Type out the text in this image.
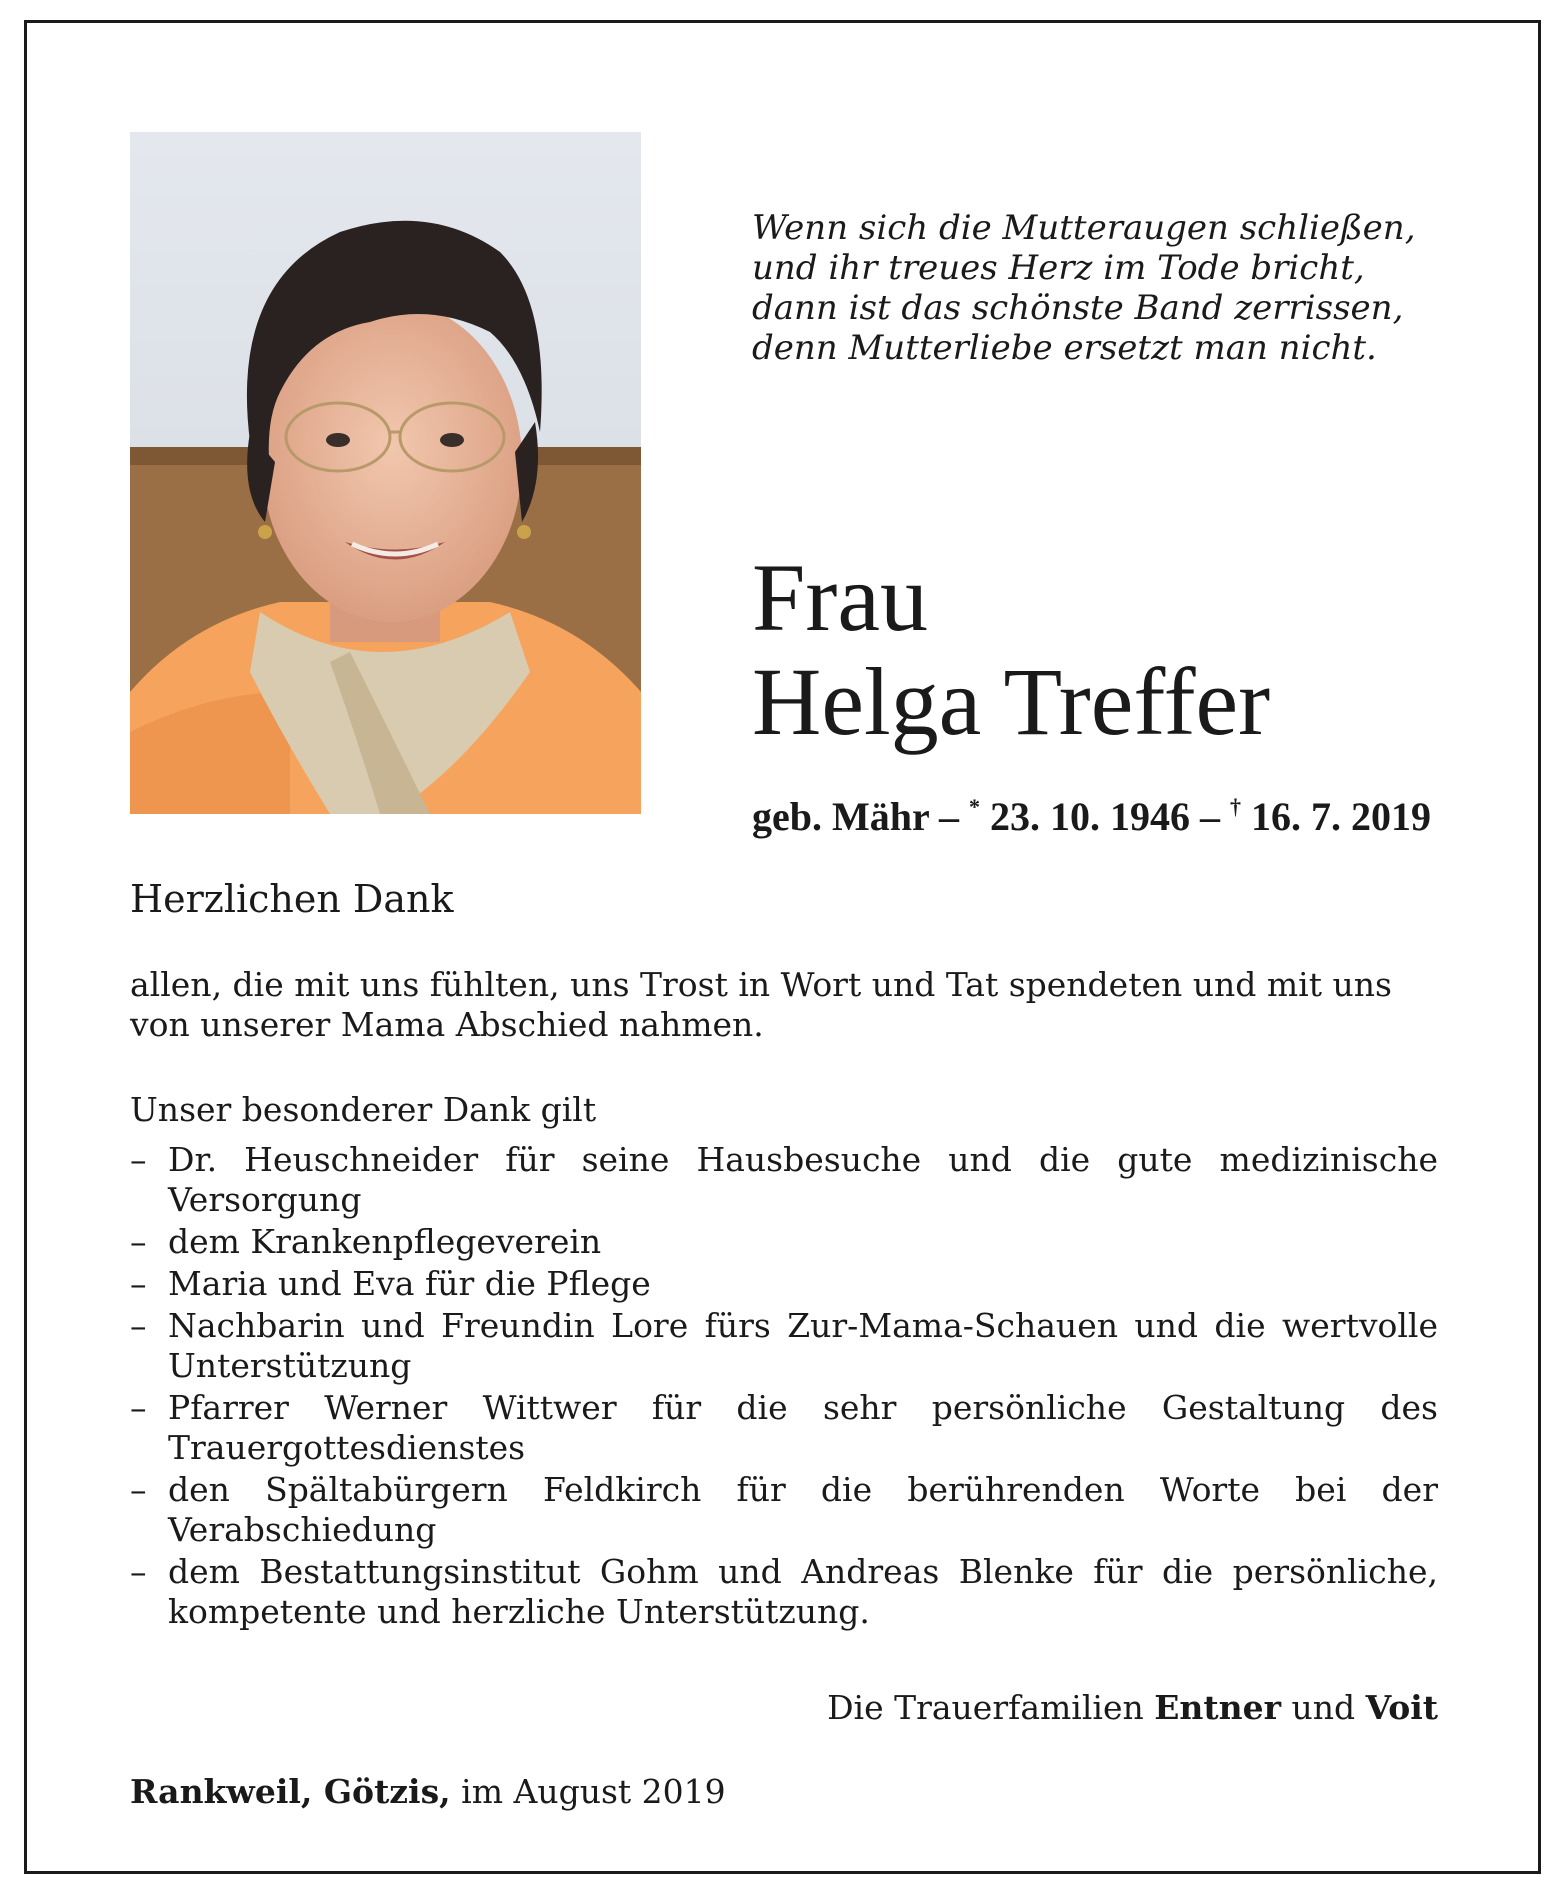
Wenn sich die Mutteraugen schließen,
und ihr treues Herz im Tode bricht,
dann ist das schönste Band zerrissen,
denn Mutterliebe ersetzt man nicht.
Frau
Helga Treffer
geb. Mähr – * 23. 10. 1946 – † 16. 7. 2019
Herzlichen Dank
allen, die mit uns fühlten, uns Trost in Wort und Tat spendeten und mit uns
von unserer Mama Abschied nahmen.
Unser besonderer Dank gilt
– Dr. Heuschneider für seine Hausbesuche und die gute medizinische Versorgung
– dem Krankenpflegeverein
– Maria und Eva für die Pflege
– Nachbarin und Freundin Lore fürs Zur-Mama-Schauen und die wertvolle Unterstützung
– Pfarrer Werner Wittwer für die sehr persönliche Gestaltung des Trauergottesdienstes
– den Spältabürgern Feldkirch für die berührenden Worte bei der Verabschiedung
– dem Bestattungsinstitut Gohm und Andreas Blenke für die persönliche, kompetente und herzliche Unterstützung.
Die Trauerfamilien Entner und Voit
Rankweil, Götzis, im August 2019
